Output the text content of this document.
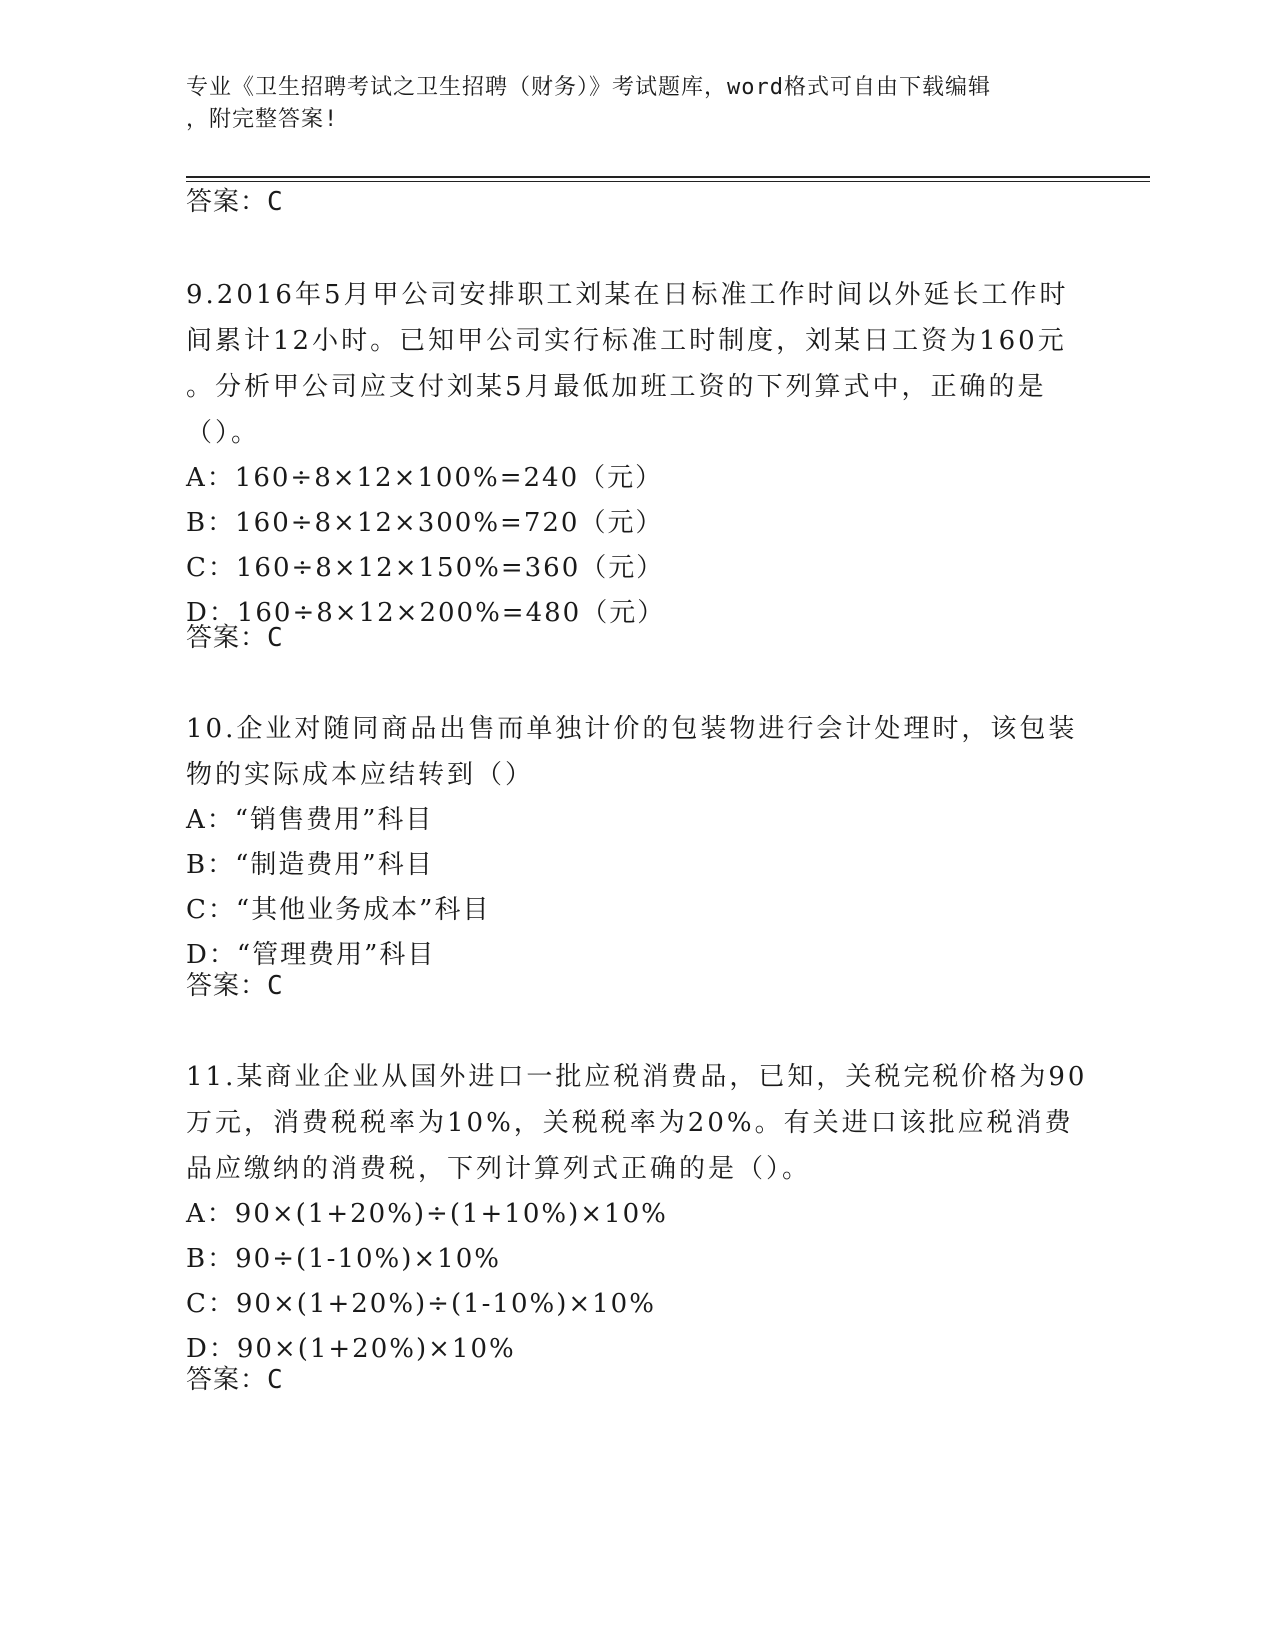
专业《卫生招聘考试之卫生招聘（财务）》考试题库，word格式可自由下载编辑
，附完整答案!
答案：C
9.2016年5月甲公司安排职工刘某在日标准工作时间以外延长工作时
间累计12小时。已知甲公司实行标准工时制度，刘某日工资为160元
。分析甲公司应支付刘某5月最低加班工资的下列算式中，正确的是
（）。
A：160÷8×12×100%=240（元）
B：160÷8×12×300%=720（元）
C：160÷8×12×150%=360（元）
D：160÷8×12×200%=480（元）
答案：C
10.企业对随同商品出售而单独计价的包装物进行会计处理时，该包装
物的实际成本应结转到（）
A：“销售费用”科目
B：“制造费用”科目
C：“其他业务成本”科目
D：“管理费用”科目
答案：C
11.某商业企业从国外进口一批应税消费品，已知，关税完税价格为90
万元，消费税税率为10%，关税税率为20%。有关进口该批应税消费
品应缴纳的消费税，下列计算列式正确的是（）。
A：90×(1+20%)÷(1+10%)×10%
B：90÷(1-10%)×10%
C：90×(1+20%)÷(1-10%)×10%
D：90×(1+20%)×10%
答案：C
